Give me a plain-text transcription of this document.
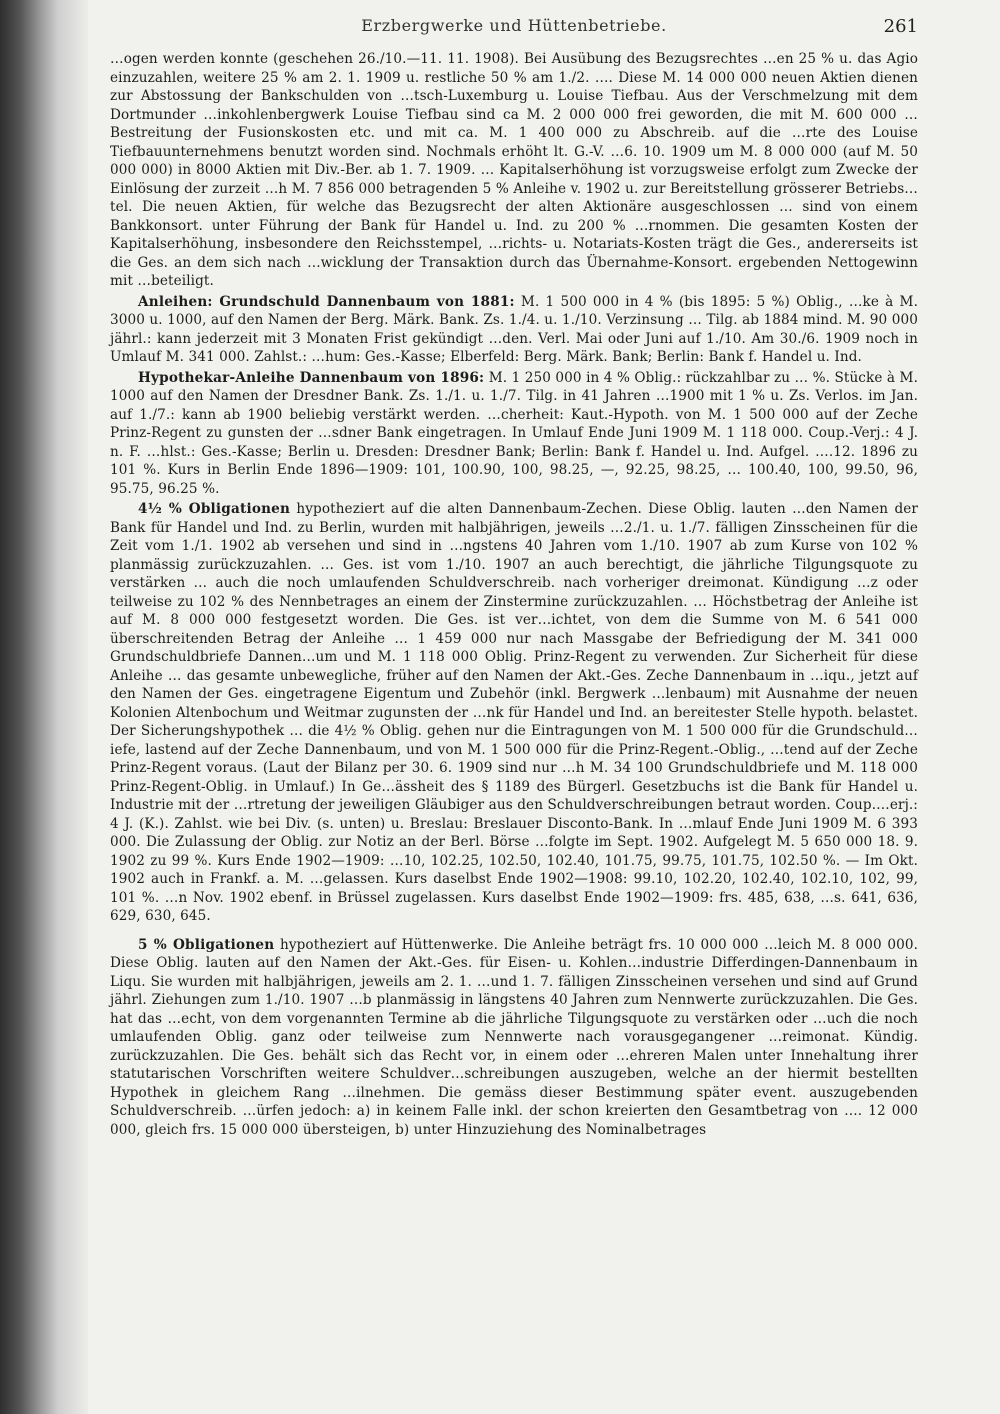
Erzbergwerke und Hüttenbetriebe.	261

…ogen werden konnte (geschehen 26./10.—11. 11. 1908). Bei Ausübung des Bezugsrechtes …en 25 % u. das Agio einzuzahlen, weitere 25 % am 2. 1. 1909 u. restliche 50 % am 1./2. …. Diese M. 14 000 000 neuen Aktien dienen zur Abstossung der Bankschulden von …tsch-Luxemburg u. Louise Tiefbau. Aus der Verschmelzung mit dem Dortmunder …inkohlenbergwerk Louise Tiefbau sind ca M. 2 000 000 frei geworden, die mit M. 600 000 …Bestreitung der Fusionskosten etc. und mit ca. M. 1 400 000 zu Abschreib. auf die …rte des Louise Tiefbauunternehmens benutzt worden sind. Nochmals erhöht lt. G.-V. …6. 10. 1909 um M. 8 000 000 (auf M. 50 000 000) in 8000 Aktien mit Div.-Ber. ab 1. 7. 1909. … Kapitalserhöhung ist vorzugsweise erfolgt zum Zwecke der Einlösung der zurzeit …h M. 7 856 000 betragenden 5 % Anleihe v. 1902 u. zur Bereitstellung grösserer Betriebs…tel. Die neuen Aktien, für welche das Bezugsrecht der alten Aktionäre ausgeschlossen … sind von einem Bankkonsort. unter Führung der Bank für Handel u. Ind. zu 200 % …rnommen. Die gesamten Kosten der Kapitalserhöhung, insbesondere den Reichsstempel, …richts- u. Notariats-Kosten trägt die Ges., andererseits ist die Ges. an dem sich nach …wicklung der Transaktion durch das Übernahme-Konsort. ergebenden Nettogewinn mit …beteiligt.

Anleihen: Grundschuld Dannenbaum von 1881: M. 1 500 000 in 4 % (bis 1895: 5 %) Oblig., …ke à M. 3000 u. 1000, auf den Namen der Berg. Märk. Bank. Zs. 1./4. u. 1./10. Verzinsung … Tilg. ab 1884 mind. M. 90 000 jährl.: kann jederzeit mit 3 Monaten Frist gekündigt …den. Verl. Mai oder Juni auf 1./10. Am 30./6. 1909 noch in Umlauf M. 341 000. Zahlst.: …hum: Ges.-Kasse; Elberfeld: Berg. Märk. Bank; Berlin: Bank f. Handel u. Ind.

Hypothekar-Anleihe Dannenbaum von 1896: M. 1 250 000 in 4 % Oblig.: rückzahlbar zu … %. Stücke à M. 1000 auf den Namen der Dresdner Bank. Zs. 1./1. u. 1./7. Tilg. in 41 Jahren …1900 mit 1 % u. Zs. Verlos. im Jan. auf 1./7.: kann ab 1900 beliebig verstärkt werden. …cherheit: Kaut.-Hypoth. von M. 1 500 000 auf der Zeche Prinz-Regent zu gunsten der …sdner Bank eingetragen. In Umlauf Ende Juni 1909 M. 1 118 000. Coup.-Verj.: 4 J. n. F. …hlst.: Ges.-Kasse; Berlin u. Dresden: Dresdner Bank; Berlin: Bank f. Handel u. Ind. Aufgel. ….12. 1896 zu 101 %. Kurs in Berlin Ende 1896—1909: 101, 100.90, 100, 98.25, —, 92.25, 98.25, … 100.40, 100, 99.50, 96, 95.75, 96.25 %.

4½ % Obligationen hypotheziert auf die alten Dannenbaum-Zechen. Diese Oblig. lauten …den Namen der Bank für Handel und Ind. zu Berlin, wurden mit halbjährigen, jeweils …2./1. u. 1./7. fälligen Zinsscheinen für die Zeit vom 1./1. 1902 ab versehen und sind in …ngstens 40 Jahren vom 1./10. 1907 ab zum Kurse von 102 % planmässig zurückzuzahlen. … Ges. ist vom 1./10. 1907 an auch berechtigt, die jährliche Tilgungsquote zu verstärken … auch die noch umlaufenden Schuldverschreib. nach vorheriger dreimonat. Kündigung …z oder teilweise zu 102 % des Nennbetrages an einem der Zinstermine zurückzuzahlen. … Höchstbetrag der Anleihe ist auf M. 8 000 000 festgesetzt worden. Die Ges. ist ver…ichtet, von dem die Summe von M. 6 541 000 überschreitenden Betrag der Anleihe … 1 459 000 nur nach Massgabe der Befriedigung der M. 341 000 Grundschuldbriefe Dannen…um und M. 1 118 000 Oblig. Prinz-Regent zu verwenden. Zur Sicherheit für diese Anleihe … das gesamte unbewegliche, früher auf den Namen der Akt.-Ges. Zeche Dannenbaum in …iqu., jetzt auf den Namen der Ges. eingetragene Eigentum und Zubehör (inkl. Bergwerk …lenbaum) mit Ausnahme der neuen Kolonien Altenbochum und Weitmar zugunsten der …nk für Handel und Ind. an bereitester Stelle hypoth. belastet. Der Sicherungshypothek … die 4½ % Oblig. gehen nur die Eintragungen von M. 1 500 000 für die Grundschuld…iefe, lastend auf der Zeche Dannenbaum, und von M. 1 500 000 für die Prinz-Regent.-Oblig., …tend auf der Zeche Prinz-Regent voraus. (Laut der Bilanz per 30. 6. 1909 sind nur …h M. 34 100 Grundschuldbriefe und M. 118 000 Prinz-Regent-Oblig. in Umlauf.) In Ge…ässheit des § 1189 des Bürgerl. Gesetzbuchs ist die Bank für Handel u. Industrie mit der …rtretung der jeweiligen Gläubiger aus den Schuldverschreibungen betraut worden. Coup.…erj.: 4 J. (K.). Zahlst. wie bei Div. (s. unten) u. Breslau: Breslauer Disconto-Bank. In …mlauf Ende Juni 1909 M. 6 393 000. Die Zulassung der Oblig. zur Notiz an der Berl. Börse …folgte im Sept. 1902. Aufgelegt M. 5 650 000 18. 9. 1902 zu 99 %. Kurs Ende 1902—1909: …10, 102.25, 102.50, 102.40, 101.75, 99.75, 101.75, 102.50 %. — Im Okt. 1902 auch in Frankf. a. M. …gelassen. Kurs daselbst Ende 1902—1908: 99.10, 102.20, 102.40, 102.10, 102, 99, 101 %. …n Nov. 1902 ebenf. in Brüssel zugelassen. Kurs daselbst Ende 1902—1909: frs. 485, 638, …s. 641, 636, 629, 630, 645.

5 % Obligationen hypotheziert auf Hüttenwerke. Die Anleihe beträgt frs. 10 000 000 …leich M. 8 000 000. Diese Oblig. lauten auf den Namen der Akt.-Ges. für Eisen- u. Kohlen…industrie Differdingen-Dannenbaum in Liqu. Sie wurden mit halbjährigen, jeweils am 2. 1. …und 1. 7. fälligen Zinsscheinen versehen und sind auf Grund jährl. Ziehungen zum 1./10. 1907 …b planmässig in längstens 40 Jahren zum Nennwerte zurückzuzahlen. Die Ges. hat das …echt, von dem vorgenannten Termine ab die jährliche Tilgungsquote zu verstärken oder …uch die noch umlaufenden Oblig. ganz oder teilweise zum Nennwerte nach vorausgegangener …reimonat. Kündig. zurückzuzahlen. Die Ges. behält sich das Recht vor, in einem oder …ehreren Malen unter Innehaltung ihrer statutarischen Vorschriften weitere Schuldver…schreibungen auszugeben, welche an der hiermit bestellten Hypothek in gleichem Rang …ilnehmen. Die gemäss dieser Bestimmung später event. auszugebenden Schuldverschreib. …ürfen jedoch: a) in keinem Falle inkl. der schon kreierten den Gesamtbetrag von …. 12 000 000, gleich frs. 15 000 000 übersteigen, b) unter Hinzuziehung des Nominalbetrages
